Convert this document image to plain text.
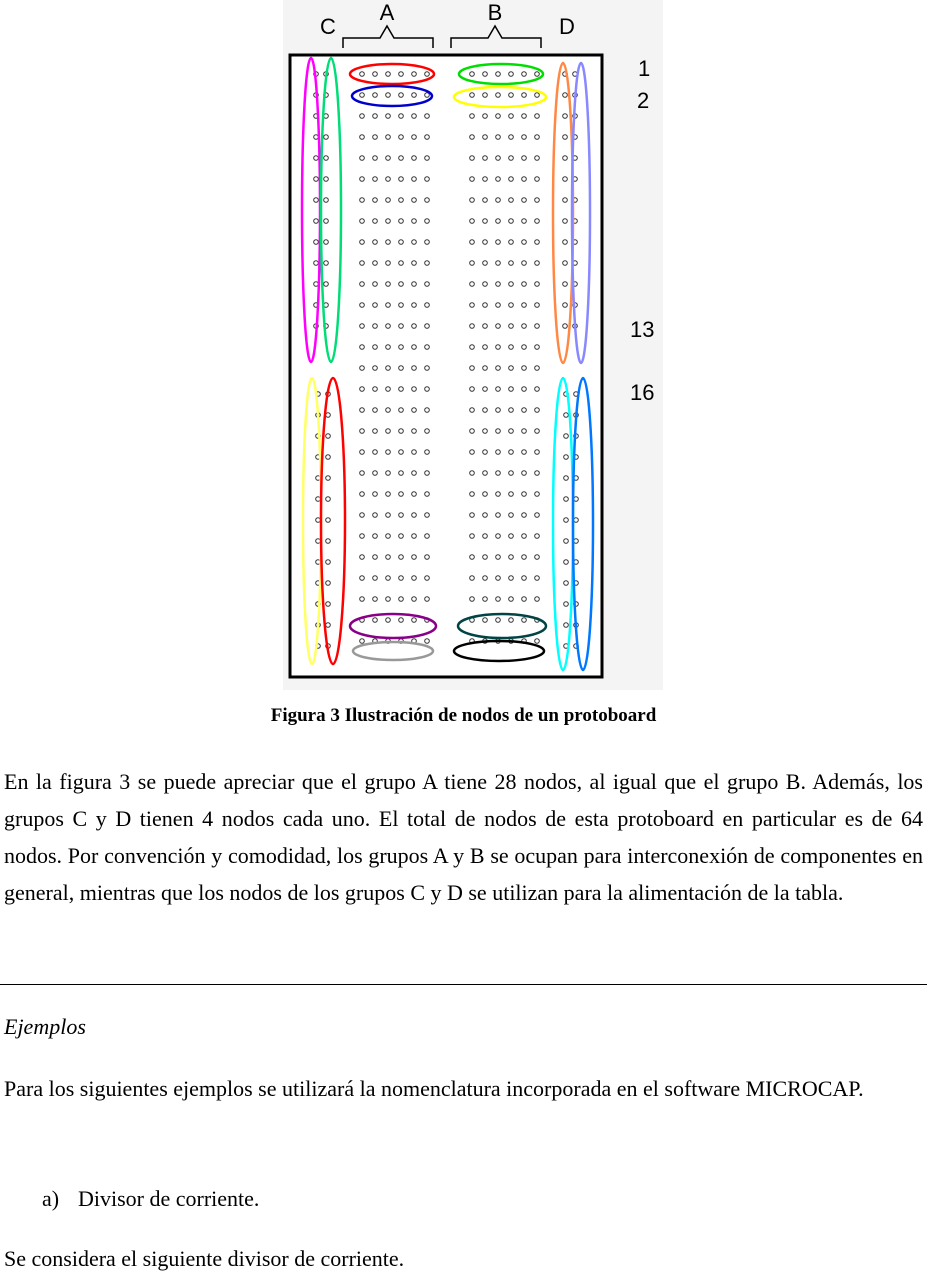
C
A	B
D
1
2
13
16
Figura 3 Ilustración de nodos de un protoboard

En la figura 3 se puede apreciar que el grupo A tiene 28 nodos, al igual que el grupo B. Además, los grupos C y D tienen 4 nodos cada uno. El total de nodos de esta protoboard en particular es de 64 nodos. Por convención y comodidad, los grupos A y B se ocupan para interconexión de componentes en general, mientras que los nodos de los grupos C y D se utilizan para la alimentación de la tabla.

Ejemplos

Para los siguientes ejemplos se utilizará la nomenclatura incorporada en el software MICROCAP.

a) Divisor de corriente.

Se considera el siguiente divisor de corriente.
